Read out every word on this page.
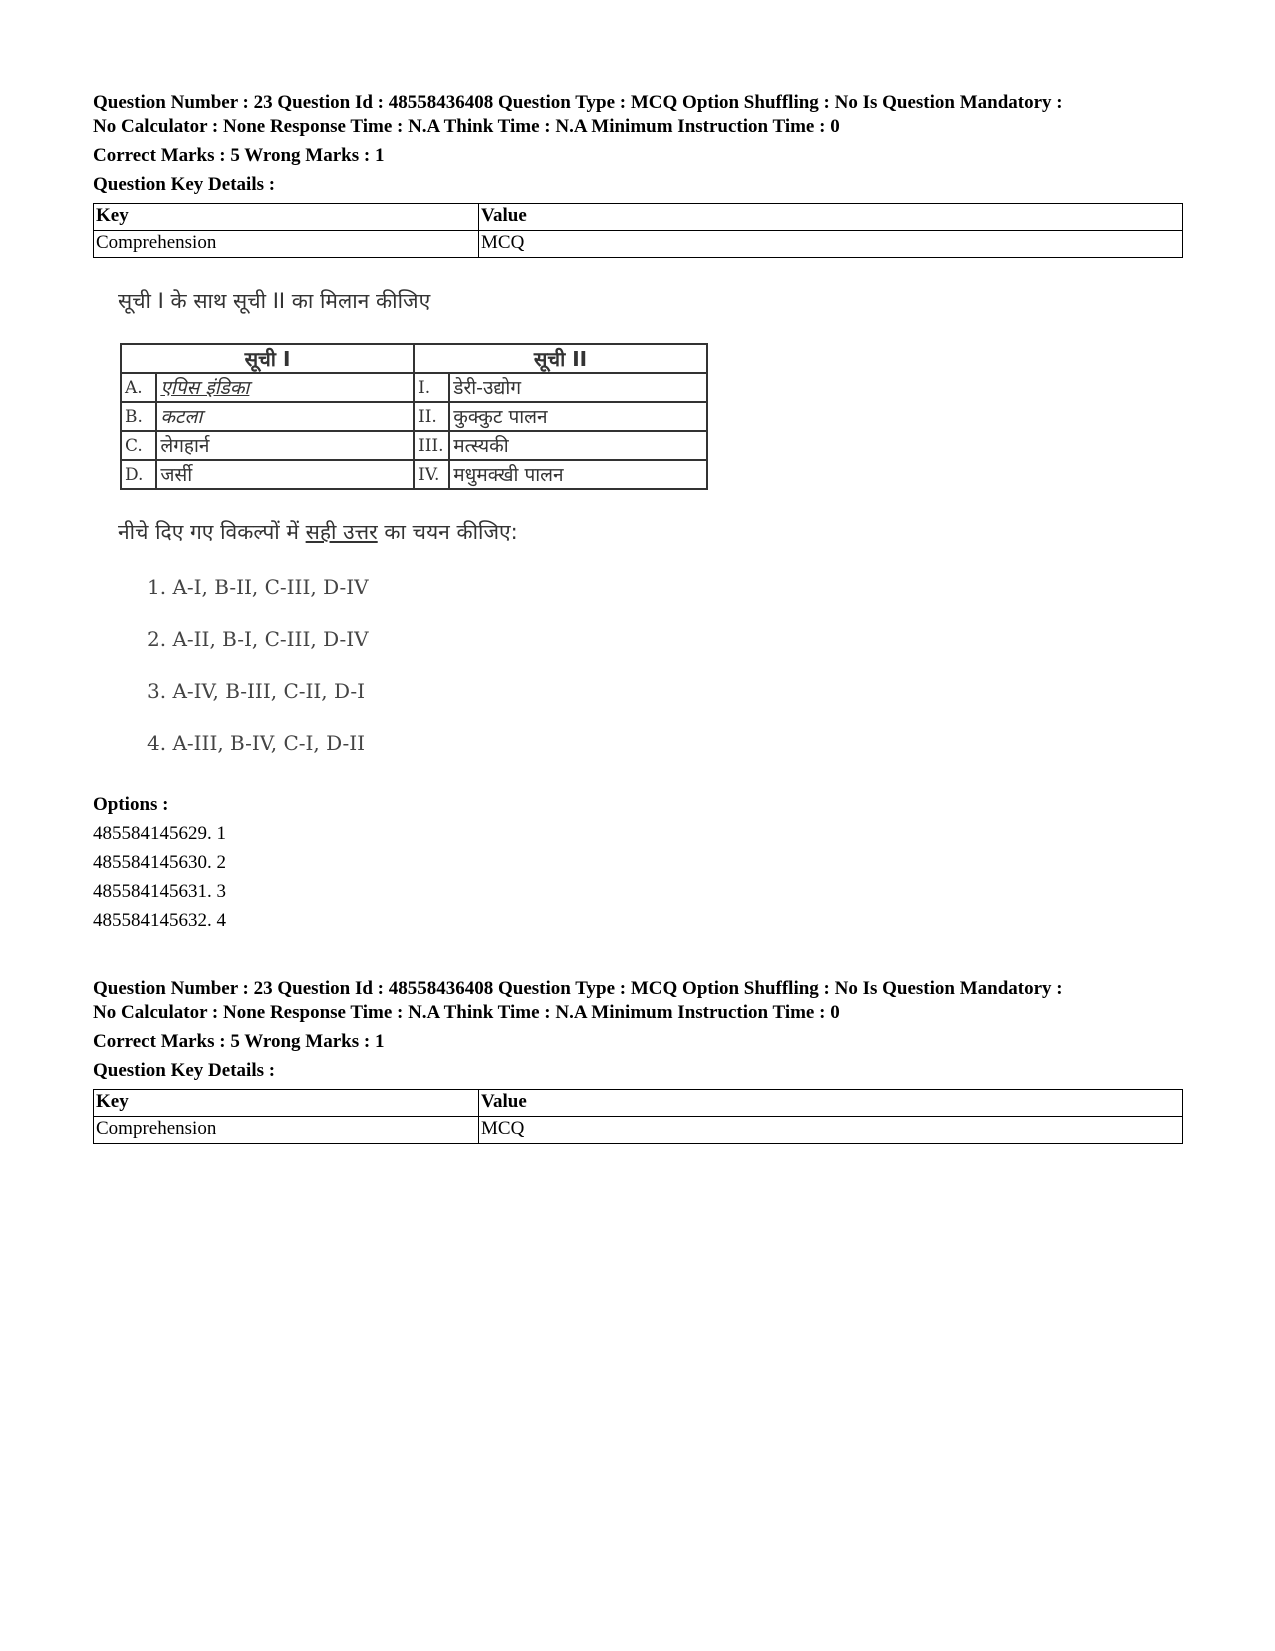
Question Number : 23 Question Id : 48558436408 Question Type : MCQ Option Shuffling : No Is Question Mandatory :

No Calculator : None Response Time : N.A Think Time : N.A Minimum Instruction Time : 0

Correct Marks : 5 Wrong Marks : 1
Question Key Details :
Key	Value
Comprehension	MCQ
सूची I के साथ सूची II का मिलान कीजिए
सूची I		सूची II	
A.	एपिस इंडिका	I.	डेरी-उद्योग
B.	कटला	II.	कुक्कुट पालन
C.	लेगहार्न	III.	मत्स्यकी
D.	जर्सी	IV.	मधुमक्खी पालन
नीचे दिए गए विकल्पों में सही उत्तर का चयन कीजिए:
1. A-I, B-II, C-III, D-IV
2. A-II, B-I, C-III, D-IV
3. A-IV, B-III, C-II, D-I
4. A-III, B-IV, C-I, D-II
Options :
485584145629. 1
485584145630. 2
485584145631. 3
485584145632. 4

Question Number : 23 Question Id : 48558436408 Question Type : MCQ Option Shuffling : No Is Question Mandatory :

No Calculator : None Response Time : N.A Think Time : N.A Minimum Instruction Time : 0

Correct Marks : 5 Wrong Marks : 1
Question Key Details :
Key	Value
Comprehension	MCQ
